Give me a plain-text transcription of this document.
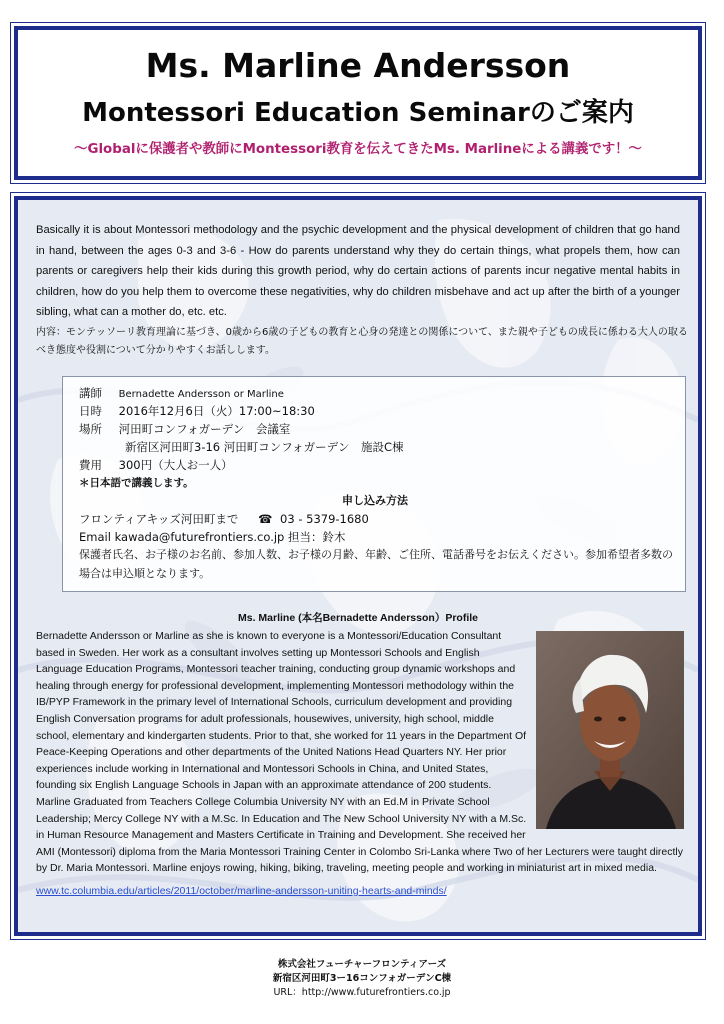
Ms. Marline Andersson
Montessori Education Seminarのご案内
～Globalに保護者や教師にMontessori教育を伝えてきたMs. Marlineによる講義です！～
Basically it is about Montessori methodology and the psychic development and the physical development of children that go hand in hand, between the ages 0-3 and 3-6 - How do parents understand why they do certain things, what propels them, how can parents or caregivers help their kids during this growth period, why do certain actions of parents incur negative mental habits in children, how do you help them to overcome these negativities, why do children misbehave and act up after the birth of a younger sibling, what can a mother do, etc. etc.
内容：モンテッソーリ教育理論に基づき、0歳から6歳の子どもの教育と心身の発達との関係について、また親や子どもの成長に係わる大人の取るべき態度や役割について分かりやすくお話しします。
講師 Bernadette Andersson or Marline
日時 2016年12月6日（火）17:00~18:30
場所 河田町コンフォガーデン　会議室
新宿区河田町3-16 河田町コンフォガーデン　施設C棟
費用 300円（大人お一人）
＊日本語で講義します。
申し込み方法
フロンティアキッズ河田町まで ☎ 03 - 5379-1680
Email kawada@futurefrontiers.co.jp 担当：鈴木
保護者氏名、お子様のお名前、参加人数、お子様の月齢、年齢、ご住所、電話番号をお伝えください。参加希望者多数の場合は申込順となります。
Ms. Marline (本名Bernadette Andersson）Profile
Bernadette Andersson or Marline as she is known to everyone is a Montessori/Education Consultant based in Sweden. Her work as a consultant involves setting up Montessori Schools and English Language Education Programs, Montessori teacher training, conducting group dynamic workshops and healing through energy for professional development, implementing Montessori methodology within the IB/PYP Framework in the primary level of International Schools, curriculum development and providing English Conversation programs for adult professionals, housewives, university, high school, middle school, elementary and kindergarten students. Prior to that, she worked for 11 years in the Department Of Peace-Keeping Operations and other departments of the United Nations Head Quarters NY. Her prior experiences include working in International and Montessori Schools in China, and United States, founding six English Language Schools in Japan with an approximate attendance of 200 students. Marline Graduated from Teachers College Columbia University NY with an Ed.M in Private School Leadership; Mercy College NY with a M.Sc. In Education and The New School University NY with a M.Sc. in Human Resource Management and Masters Certificate in Training and Development. She received her AMI (Montessori) diploma from the Maria Montessori Training Center in Colombo Sri-Lanka where Two of her Lecturers were taught directly by Dr. Maria Montessori. Marline enjoys rowing, hiking, biking, traveling, meeting people and working in miniaturist art in mixed media.
www.tc.columbia.edu/articles/2011/october/marline-andersson-uniting-hearts-and-minds/
株式会社フューチャーフロンティアーズ
新宿区河田町3ー16コンフォガーデンC棟
URL：http://www.futurefrontiers.co.jp
